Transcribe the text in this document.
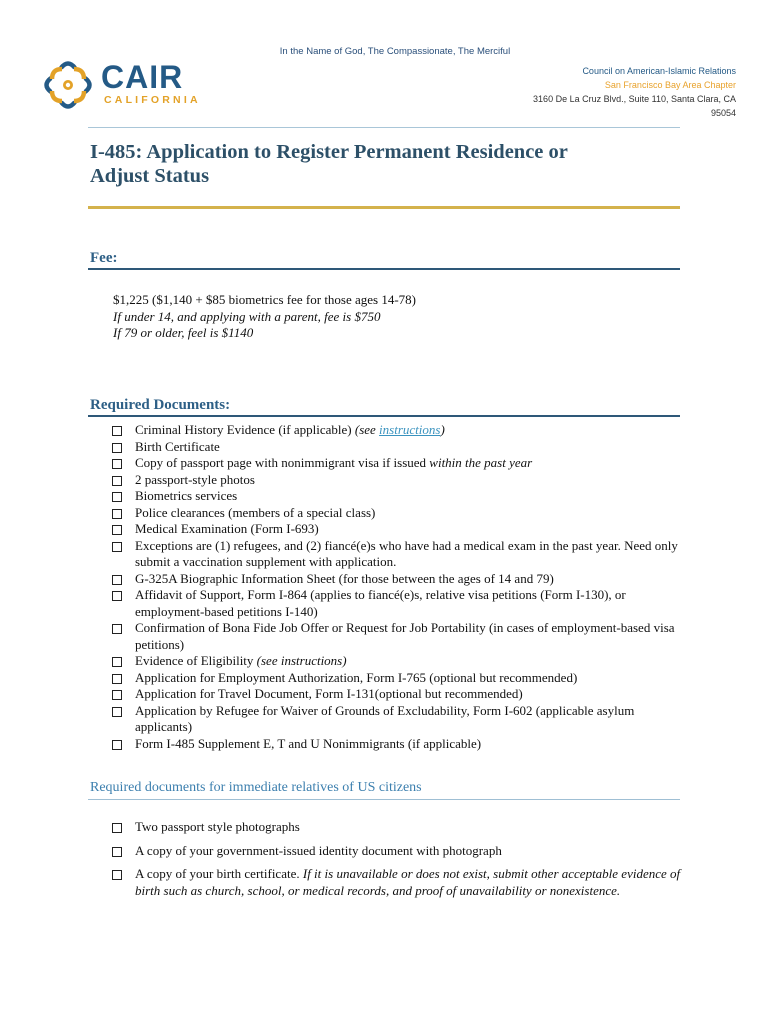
In the Name of God, The Compassionate, The Merciful
CAIR
CALIFORNIA
Council on American-Islamic Relations
San Francisco Bay Area Chapter
3160 De La Cruz Blvd., Suite 110, Santa Clara, CA
95054
I-485: Application to Register Permanent Residence or
Adjust Status
Fee:
$1,225 ($1,140 + $85 biometrics fee for those ages 14-78)
If under 14, and applying with a parent, fee is $750
If 79 or older, feel is $1140
Required Documents:
Criminal History Evidence (if applicable) (see instructions)
Birth Certificate
Copy of passport page with nonimmigrant visa if issued within the past year
2 passport-style photos
Biometrics services
Police clearances (members of a special class)
Medical Examination (Form I-693)
Exceptions are (1) refugees, and (2) fiancé(e)s who have had a medical exam in the past year. Need only submit a vaccination supplement with application.
G-325A Biographic Information Sheet (for those between the ages of 14 and 79)
Affidavit of Support, Form I-864 (applies to fiancé(e)s, relative visa petitions (Form I-130), or employment-based petitions I-140)
Confirmation of Bona Fide Job Offer or Request for Job Portability (in cases of employment-based visa petitions)
Evidence of Eligibility (see instructions)
Application for Employment Authorization, Form I-765 (optional but recommended)
Application for Travel Document, Form I-131(optional but recommended)
Application by Refugee for Waiver of Grounds of Excludability, Form I-602 (applicable asylum applicants)
Form I-485 Supplement E, T and U Nonimmigrants (if applicable)
Required documents for immediate relatives of US citizens
Two passport style photographs
A copy of your government-issued identity document with photograph
A copy of your birth certificate. If it is unavailable or does not exist, submit other acceptable evidence of birth such as church, school, or medical records, and proof of unavailability or nonexistence.
